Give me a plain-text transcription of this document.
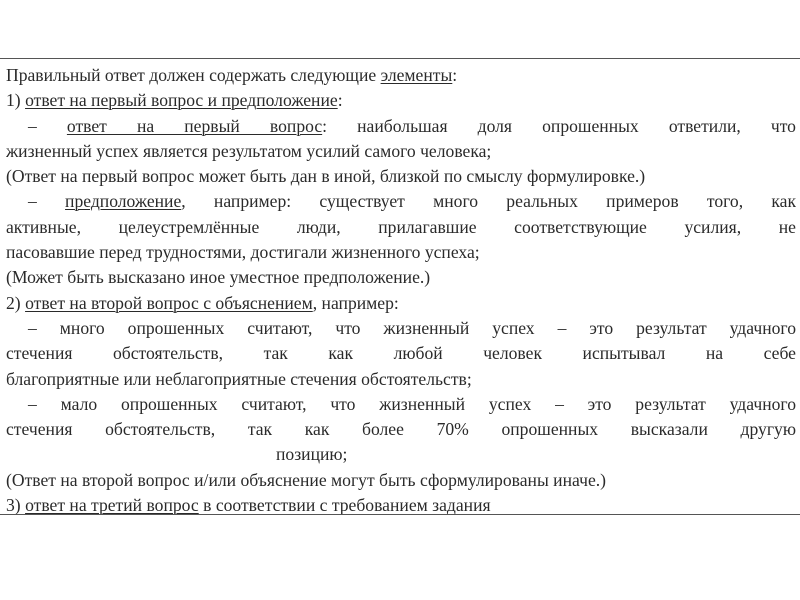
Правильный ответ должен содержать следующие элементы:
1) ответ на первый вопрос и предположение:
– ответ на первый вопрос: наибольшая доля опрошенных ответили, что
жизненный успех является результатом усилий самого человека;
(Ответ на первый вопрос может быть дан в иной, близкой по смыслу формулировке.)
– предположение, например: существует много реальных примеров того, как
активные, целеустремлённые люди, прилагавшие соответствующие усилия, не
пасовавшие перед трудностями, достигали жизненного успеха;
(Может быть высказано иное уместное предположение.)
2) ответ на второй вопрос с объяснением, например:
– много опрошенных считают, что жизненный успех – это результат удачного
стечения обстоятельств, так как любой человек испытывал на себе
благоприятные или неблагоприятные стечения обстоятельств;
– мало опрошенных считают, что жизненный успех – это результат удачного
стечения обстоятельств, так как более 70% опрошенных высказали другую
позицию;
(Ответ на второй вопрос и/или объяснение могут быть сформулированы иначе.)
3) ответ на третий вопрос в соответствии с требованием задания
